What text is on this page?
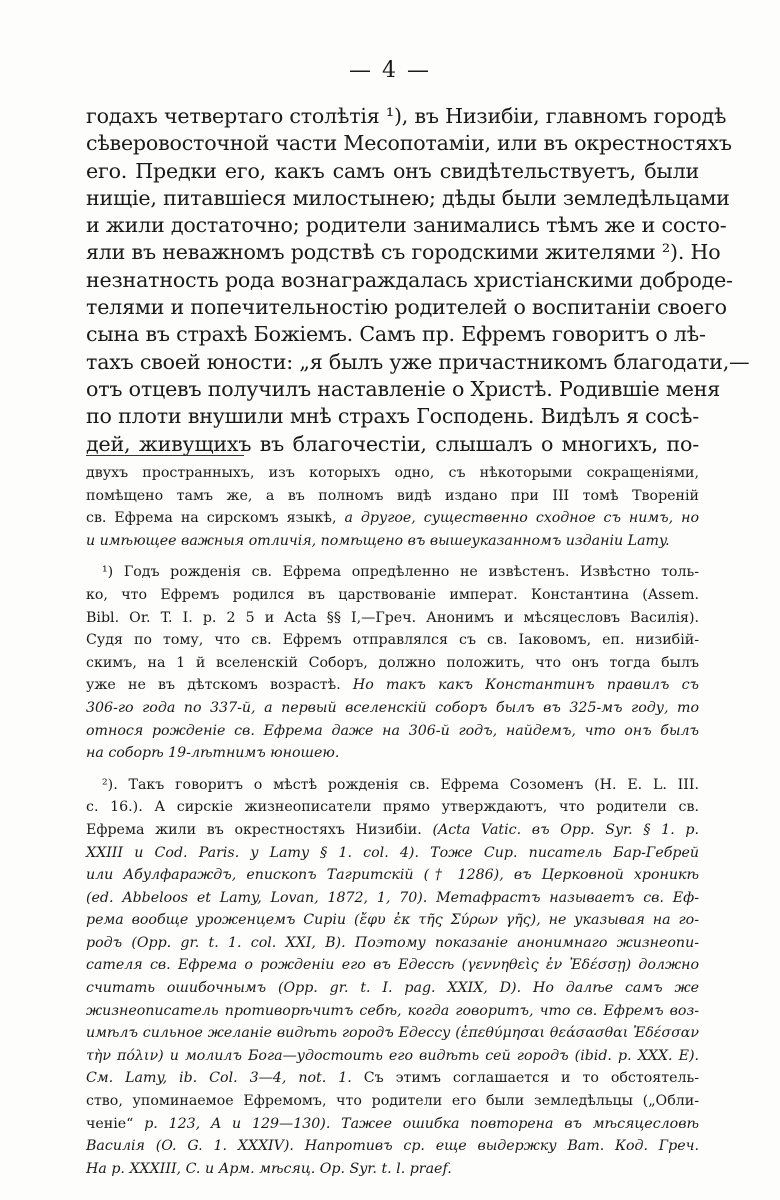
— 4 —
годахъ четвертаго столѣтія ¹), въ Низибіи, главномъ городѣ
сѣверовосточной части Месопотаміи, или въ окрестностяхъ
его. Предки его, какъ самъ онъ свидѣтельствуетъ, были
нищіе, питавшіеся милостынею; дѣды были земледѣльцами
и жили достаточно; родители занимались тѣмъ же и состо-
яли въ неважномъ родствѣ съ городскими жителями ²). Но
незнатность рода вознаграждалась христіанскими доброде-
телями и попечительностію родителей о воспитаніи своего
сына въ страхѣ Божіемъ. Самъ пр. Ефремъ говоритъ о лѣ-
тахъ своей юности: „я былъ уже причастникомъ благодати,—
отъ отцевъ получилъ наставленіе о Христѣ. Родившіе меня
по плоти внушили мнѣ страхъ Господень. Видѣлъ я сосѣ-
дей, живущихъ въ благочестіи, слышалъ о многихъ, по-
двухъ пространныхъ, изъ которыхъ одно, съ нѣкоторыми сокращеніями,
помѣщено тамъ же, а въ полномъ видѣ издано при III томѣ Твореній
св. Ефрема на сирскомъ языкѣ, а другое, существенно сходное съ нимъ, но
и имѣющее важныя отличія, помѣщено въ вышеуказанномъ изданіи Lamy.
¹) Годъ рожденія св. Ефрема опредѣленно не извѣстенъ. Извѣстно толь-
ко, что Ефремъ родился въ царствованіе императ. Константина (Assem.
Bibl. Or. T. I. p. 2 5 и Acta §§ I,—Греч. Анонимъ и мѣсяцесловъ Василія).
Судя по тому, что св. Ефремъ отправлялся съ св. Іаковомъ, еп. низибій-
скимъ, на 1 й вселенскій Соборъ, должно положить, что онъ тогда былъ
уже не въ дѣтскомъ возрастѣ. Но такъ какъ Константинъ правилъ съ
306-го года по 337-й, а первый вселенскій соборъ былъ въ 325-мъ году, то
относя рожденіе св. Ефрема даже на 306-й годъ, найдемъ, что онъ былъ
на соборѣ 19-лѣтнимъ юношею.
²). Такъ говоритъ о мѣстѣ рожденія св. Ефрема Созоменъ (H. E. L. III.
c. 16.). А сирскіе жизнеописатели прямо утверждаютъ, что родители св.
Ефрема жили въ окрестностяхъ Низибіи. (Acta Vatic. въ Opp. Syr. § 1. p.
XXIII и Cod. Paris. y Lamy § 1. col. 4). Тоже Сир. писатель Бар-Гебрей
или Абулфараждъ, епископъ Тагритскій († 1286), въ Церковной хроникѣ
(ed. Abbeloos et Lamy, Lovan, 1872, 1, 70). Метафрастъ называетъ св. Еф-
рема вообще уроженцемъ Сиріи (ἔφυ ἐκ τῆς Σύρων γῆς), не указывая на го-
родъ (Opp. gr. t. 1. col. XXI, B). Поэтому показаніе анонимнаго жизнеопи-
сателя св. Ефрема о рожденіи его въ Едессѣ (γεννηθεὶς ἐν Ἐδέσσῃ) должно
считать ошибочнымъ (Opp. gr. t. I. pag. XXIX, D). Но далѣе самъ же
жизнеописатель противорѣчитъ себѣ, когда говоритъ, что св. Ефремъ воз-
имѣлъ сильное желаніе видѣть городъ Едессу (ἐπεθύμησαι θεάσασθαι Ἐδέσσαν
τὴν πόλιν) и молилъ Бога—удостоить его видѣть сей городъ (ibid. p. XXX. E).
См. Lamy, ib. Col. 3—4, not. 1. Съ этимъ соглашается и то обстоятель-
ство, упоминаемое Ефремомъ, что родители его были земледѣльцы („Обли-
ченіе“ p. 123, A и 129—130). Тажее ошибка повторена въ мѣсяцесловѣ
Василія (O. G. 1. XXXIV). Напротивъ ср. еще выдержку Ват. Код. Греч.
На p. XXXIII, C. и Арм. мѣсяц. Op. Syr. t. l. praef.
